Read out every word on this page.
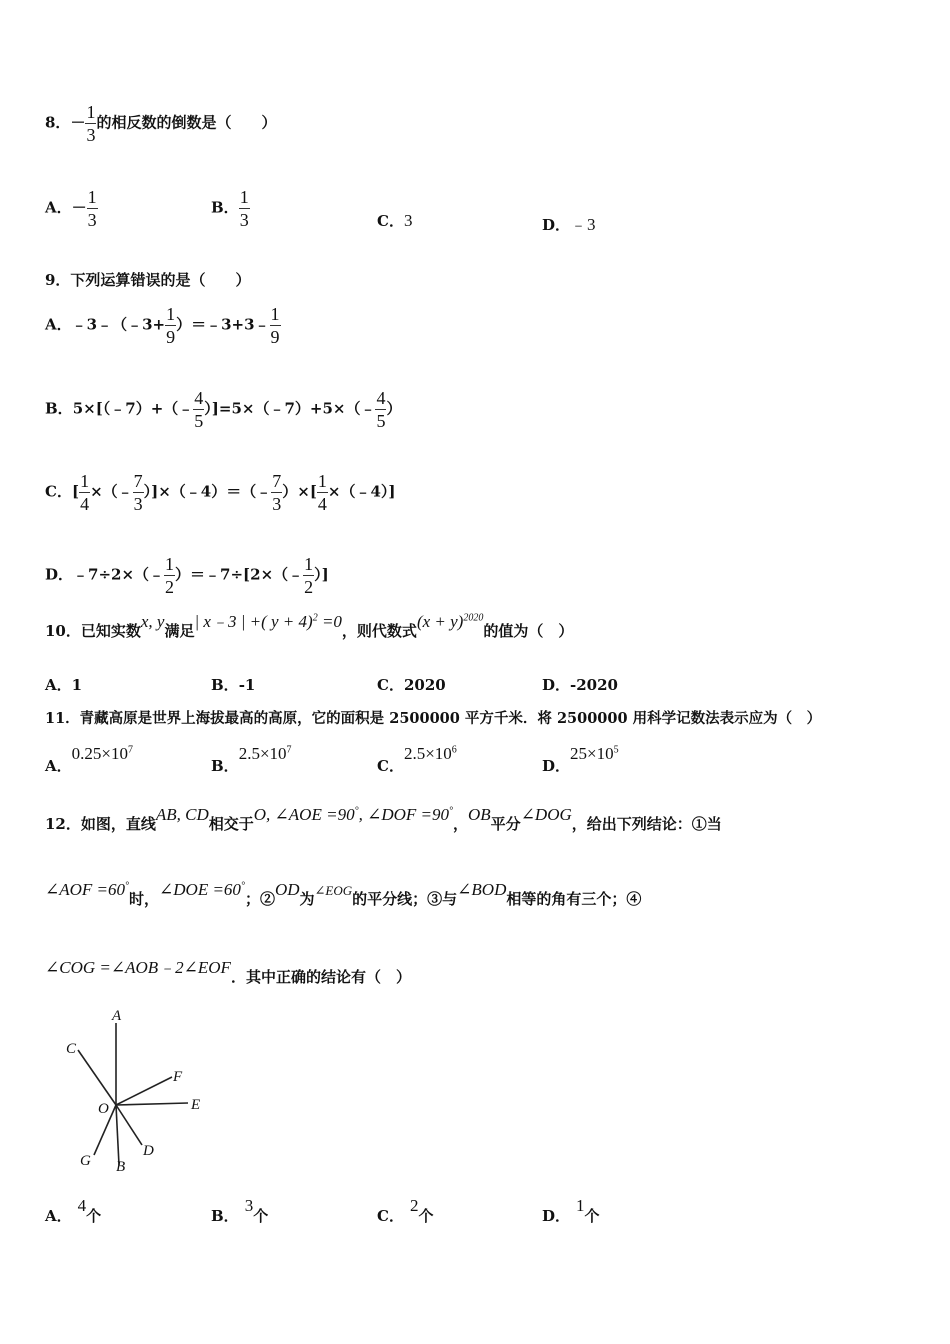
8．－ $\frac{1}{3}$ 的相反数的倒数是（　　）
A．－ $\frac{1}{3}$	B． $\frac{1}{3}$	C．3	D．﹣3
9．下列运算错误的是（　　）
A．﹣3﹣（﹣3+ $\frac{1}{9}$ ）＝﹣3+3﹣ $\frac{1}{9}$
B．5×[（﹣7）+（﹣ $\frac{4}{5}$ ）]=5×（﹣7）+5×（﹣ $\frac{4}{5}$ ）
C．[ $\frac{1}{4}$ ×（﹣ $\frac{7}{3}$ ）]×（﹣4）＝（﹣ $\frac{7}{3}$ ）×[ $\frac{1}{4}$ ×（﹣4）]
D．﹣7÷2×（﹣ $\frac{1}{2}$ ）＝﹣7÷[2×（﹣ $\frac{1}{2}$ ）]
10．已知实数x, y满足| x﹣3 | +( y + 4)$^2$ =0，则代数式$(x + y)^{2020}$的值为（　）
A．1	B．-1	C．2020	D．-2020
11．青藏高原是世界上海拔最高的高原，它的面积是 2500000 平方千米．将 2500000 用科学记数法表示应为（　）
A．$0.25\times 10^7$
B．$2.5\times 10^7$
C．$2.5\times 10^6$
D．$25\times 10^5$
12．如图，直线AB, CD相交于O, ∠AOE =90°, ∠DOF =90°，OB平分∠DOG，给出下列结论：①当
∠AOF =60°时，∠DOE =60°；②OD为∠EOG的平分线；③与∠BOD相等的角有三个；④
∠COG =∠AOB﹣2∠EOF．其中正确的结论有（　）
A
C
F
O	E
G B
D
A．4个	B．3个	C．2个	D．1个
